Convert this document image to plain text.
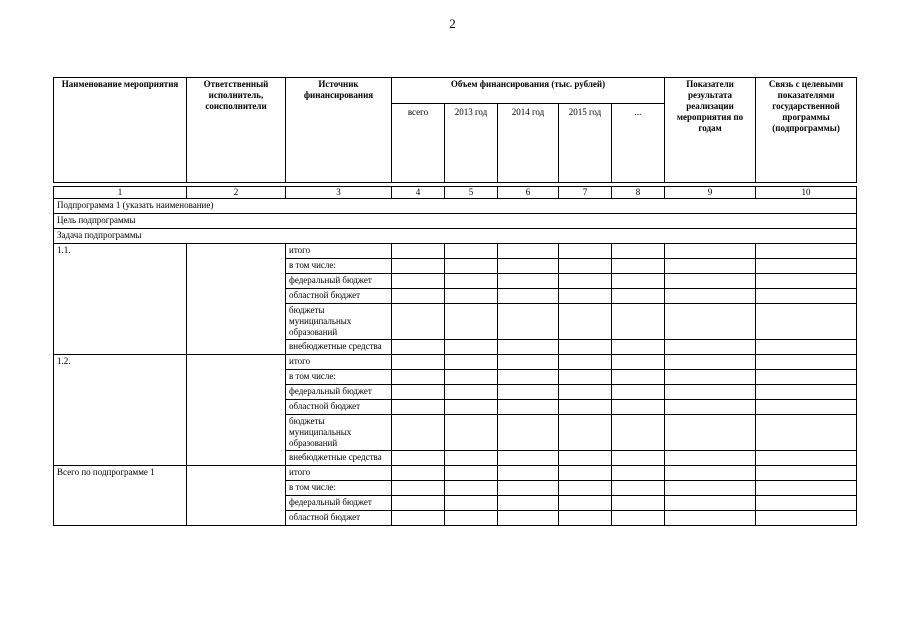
2
Наименование мероприятия	Ответственный исполнитель, соисполнители	Источник финансирования	Объем финансирования (тыс. рублей)					Показатели результата реализации мероприятия по годам	Связь с целевыми показателями государственной программы (подпрограммы)
			всего	2013 год	2014 год	2015 год	...		

1	2	3	4	5	6	7	8	9	10
Подпрограмма 1 (указать наименование)									
Цель подпрограммы									
Задача подпрограммы									
1.1.		итого							
		в том числе:							
		федеральный бюджет							
		областной бюджет							
		бюджеты муниципальных образований							
		внебюджетные средства							
1.2.		итого							
		в том числе:							
		федеральный бюджет							
		областной бюджет							
		бюджеты муниципальных образований							
		внебюджетные средства							
Всего по подпрограмме 1		итого							
		в том числе:							
		федеральный бюджет							
		областной бюджет							
